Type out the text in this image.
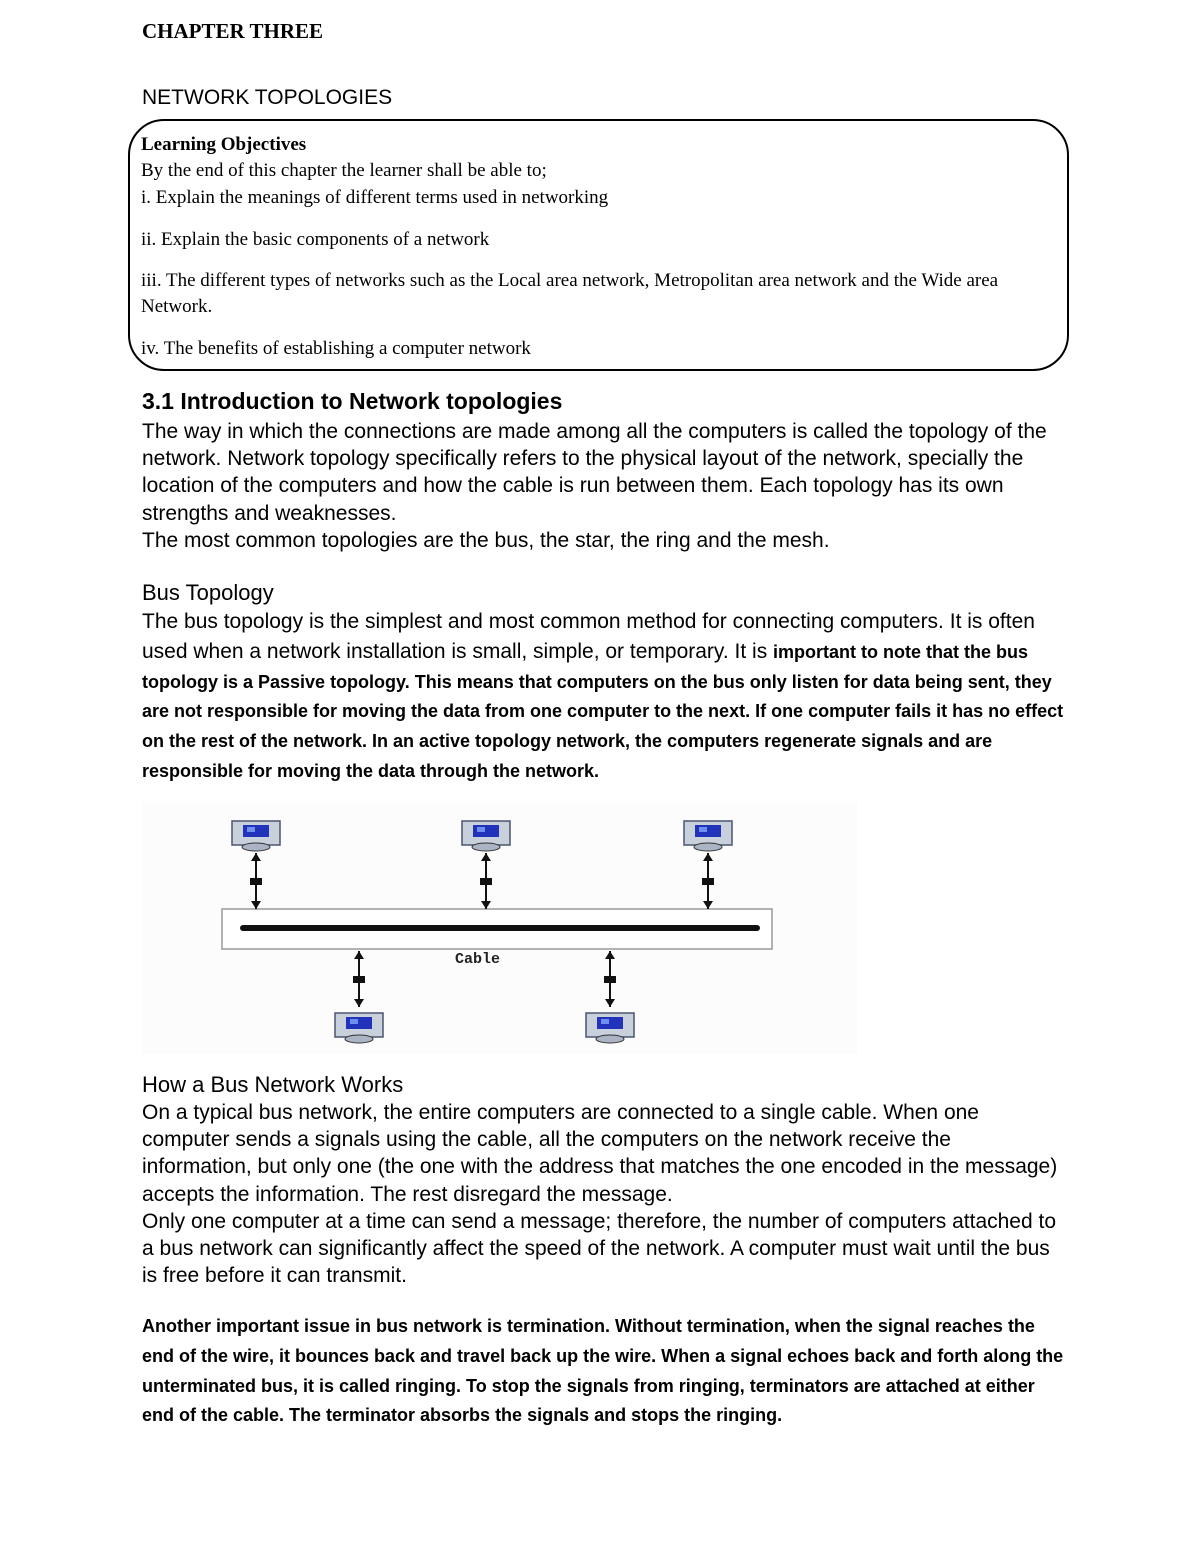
CHAPTER THREE
NETWORK TOPOLOGIES
Learning Objectives
By the end of this chapter the learner shall be able to;
i. Explain the meanings of different terms used in networking
ii. Explain the basic components of a network
iii. The different types of networks such as the Local area network, Metropolitan area network and the Wide area Network.
iv. The benefits of establishing a computer network
3.1 Introduction to Network topologies
The way in which the connections are made among all the computers is called the topology of the network. Network topology specifically refers to the physical layout of the network, specially the location of the computers and how the cable is run between them. Each topology has its own strengths and weaknesses.
The most common topologies are the bus, the star, the ring and the mesh.
Bus Topology
The bus topology is the simplest and most common method for connecting computers. It is often used when a network installation is small, simple, or temporary. It is important to note that the bus topology is a Passive topology. This means that computers on the bus only listen for data being sent, they are not responsible for moving the data from one computer to the next. If one computer fails it has no effect on the rest of the network. In an active topology network, the computers regenerate signals and are responsible for moving the data through the network.
Cable
How a Bus Network Works
On a typical bus network, the entire computers are connected to a single cable. When one computer sends a signals using the cable, all the computers on the network receive the information, but only one (the one with the address that matches the one encoded in the message) accepts the information. The rest disregard the message.
Only one computer at a time can send a message; therefore, the number of computers attached to a bus network can significantly affect the speed of the network. A computer must wait until the bus is free before it can transmit.
Another important issue in bus network is termination. Without termination, when the signal reaches the end of the wire, it bounces back and travel back up the wire. When a signal echoes back and forth along the unterminated bus, it is called ringing. To stop the signals from ringing, terminators are attached at either end of the cable. The terminator absorbs the signals and stops the ringing.
